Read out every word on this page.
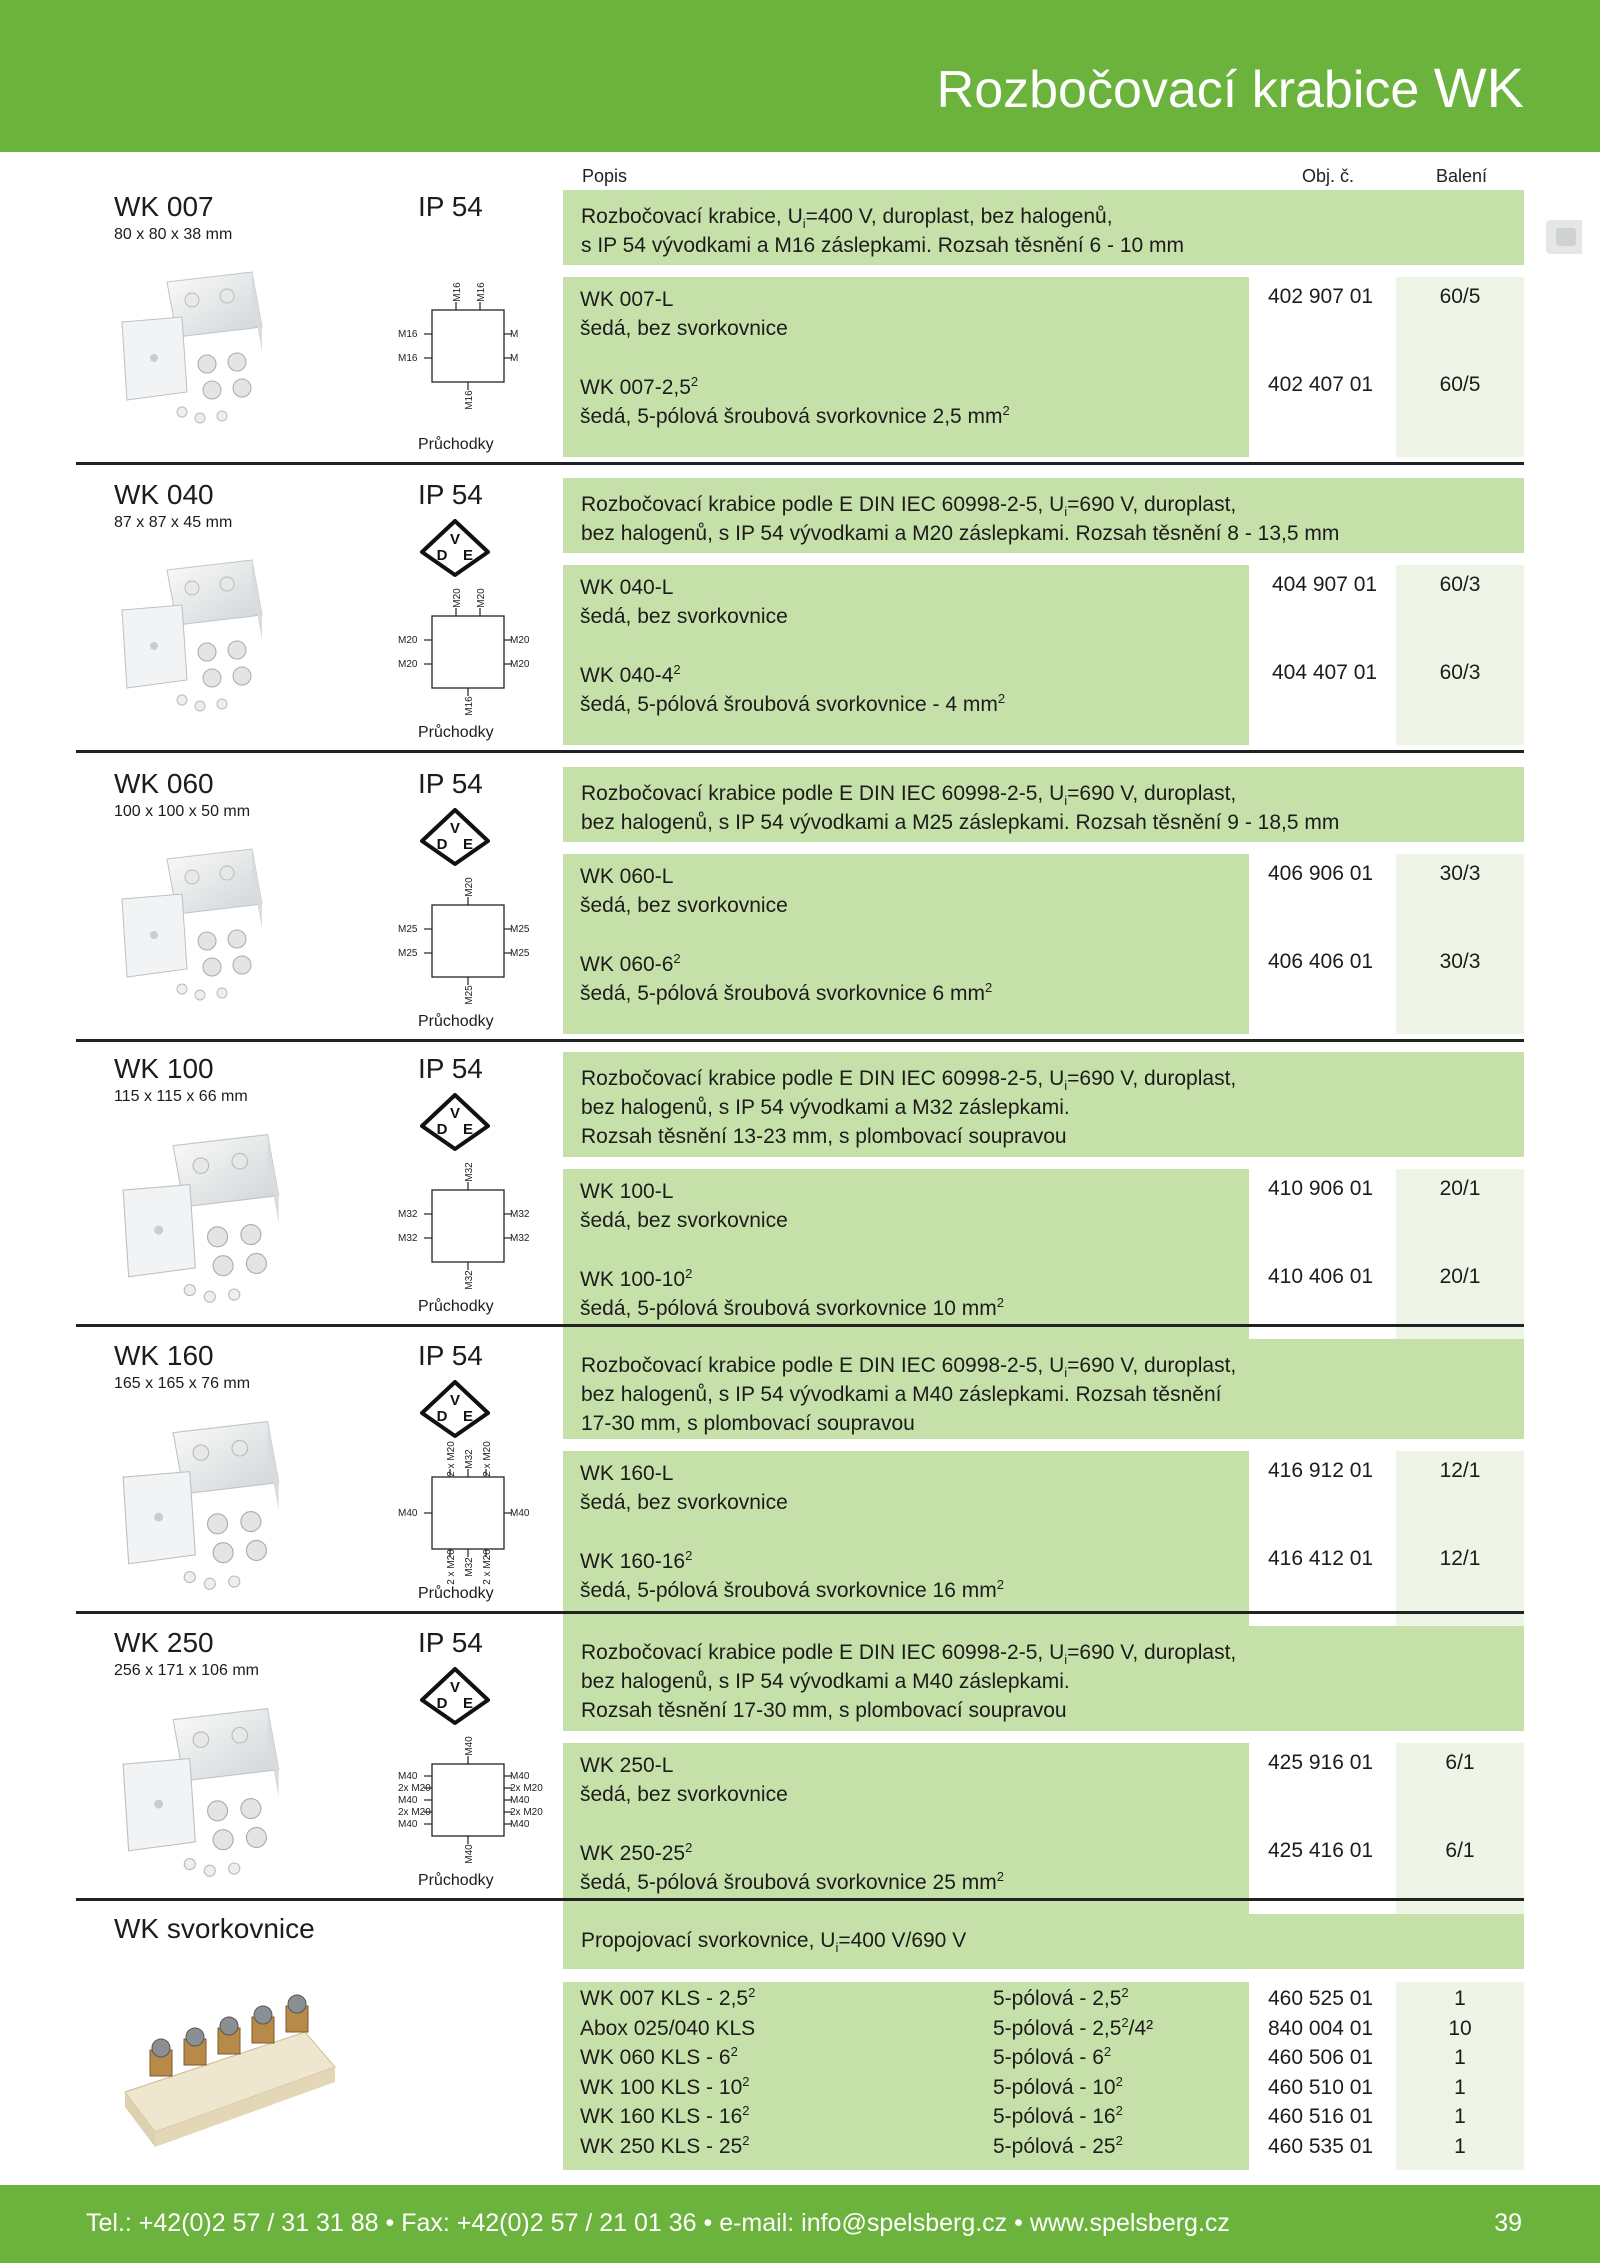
Rozbočovací krabice WK
Popis	Obj. č.	Balení
WK 007
80 x 80 x 38 mm
IP 54	Rozbočovací krabice, $U_i=400$ V, duroplast, bez halogenů,
s IP 54 vývodkami a M16 záslepkami. Rozsah těsnění 6 - 10 mm
WK 007-L
šedá, bez svorkovnice
402 907 01	60/5
WK $007-2,5^2$
šedá, 5-pólová šroubová svorkovnice 2,5 $mm^2$
402 407 01	60/5
M16 M16
M16
M16
M16
M
M
Průchodky
WK 040
87 x 87 x 45 mm
IP 54	Rozbočovací krabice podle E DIN IEC 60998-2-5, $U_i=690$ V, duroplast,
bez halogenů, s IP 54 vývodkami a M20 záslepkami. Rozsah těsnění 8 - 13,5 mm
WK 040-L
šedá, bez svorkovnice
404 907 01	60/3
WK $040-4^2$
šedá, 5-pólová šroubová svorkovnice - 4 $mm^2$
404 407 01	60/3
V
D E
M20 M20
M16
M20
M20
M20
M20
Průchodky
WK 060
100 x 100 x 50 mm
IP 54	Rozbočovací krabice podle E DIN IEC 60998-2-5, $U_i=690$ V, duroplast,
bez halogenů, s IP 54 vývodkami a M25 záslepkami. Rozsah těsnění 9 - 18,5 mm
WK 060-L
šedá, bez svorkovnice
406 906 01	30/3
WK $060-6^2$
šedá, 5-pólová šroubová svorkovnice 6 $mm^2$
406 406 01	30/3
V
D E
M20
M25
M25
M25
M25
M25
Průchodky
WK 100
115 x 115 x 66 mm
IP 54	Rozbočovací krabice podle E DIN IEC 60998-2-5, $U_i=690$ V, duroplast,
bez halogenů, s IP 54 vývodkami a M32 záslepkami.
Rozsah těsnění 13-23 mm, s plombovací soupravou
WK 100-L
šedá, bez svorkovnice
410 906 01	20/1
WK $100-10^2$
šedá, 5-pólová šroubová svorkovnice 10 $mm^2$
410 406 01	20/1
V
D E
M32
M32
M32
M32
M32
M32
Průchodky
WK 160
165 x 165 x 76 mm
IP 54	Rozbočovací krabice podle E DIN IEC 60998-2-5, $U_i=690$ V, duroplast,
bez halogenů, s IP 54 vývodkami a M40 záslepkami. Rozsah těsnění
17-30 mm, s plombovací soupravou
WK 160-L
šedá, bez svorkovnice
416 912 01	12/1
WK $160-16^2$
šedá, 5-pólová šroubová svorkovnice 16 $mm^2$
416 412 01	12/1
V
D E
2 x M20 M32 2 x M20
2 x M20 M32 2 x M20
M40	M40
Průchodky
WK 250
256 x 171 x 106 mm
IP 54	Rozbočovací krabice podle E DIN IEC 60998-2-5, $U_i=690$ V, duroplast,
bez halogenů, s IP 54 vývodkami a M40 záslepkami.
Rozsah těsnění 17-30 mm, s plombovací soupravou
WK 250-L
šedá, bez svorkovnice
425 916 01	6/1
WK $250-25^2$
šedá, 5-pólová šroubová svorkovnice 25 $mm^2$
425 416 01	6/1
V
D E
M40
M40
M40
2x M20
M40
2x M20
M40
M40
2x M20
M40
2x M20
M40
Průchodky
WK svorkovnice	Propojovací svorkovnice, $U_i=400$ V/690 V
WK 007 KLS - $2,5^2$	5-pólová - $2,5^2$	460 525 01	1
Abox 025/040 KLS	5-pólová - $2,5^2/4^2$	840 004 01	10
WK 060 KLS - $6^2$	5-pólová - $6^2$	460 506 01	1
WK 100 KLS - $10^2$	5-pólová - $10^2$	460 510 01	1
WK 160 KLS - $16^2$	5-pólová - $16^2$	460 516 01	1
WK 250 KLS - $25^2$	5-pólová - $25^2$	460 535 01	1
Tel.: +42(0)2 57 / 31 31 88 • Fax: +42(0)2 57 / 21 01 36 • e-mail: info@spelsberg.cz • www.spelsberg.cz	39
